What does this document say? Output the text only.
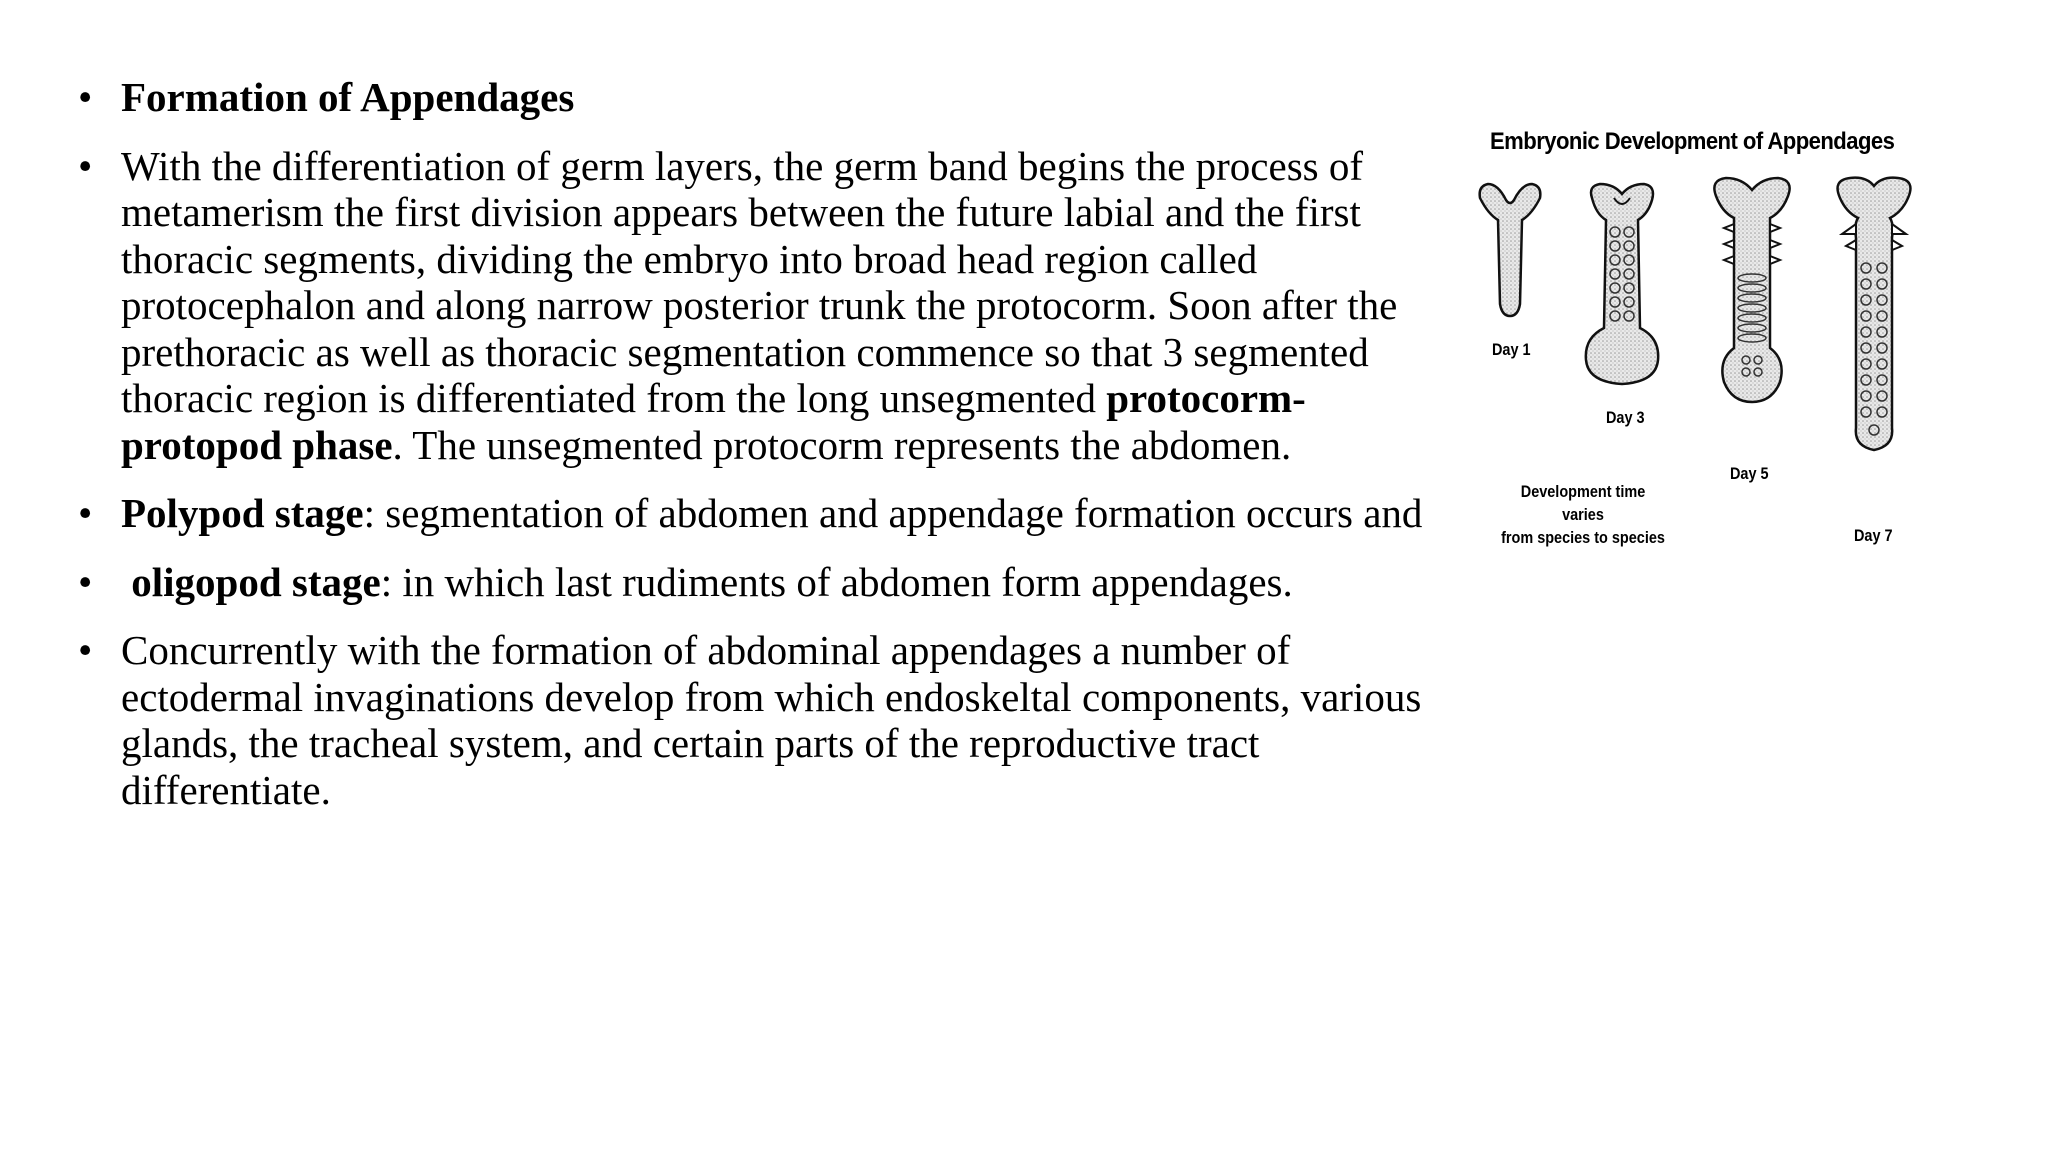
• Formation of Appendages
• With the differentiation of germ layers, the germ band begins the process of metamerism the first division appears between the future labial and the first thoracic segments, dividing the embryo into broad head region called protocephalon and along narrow posterior trunk the protocorm. Soon after the prethoracic as well as thoracic segmentation commence so that 3 segmented thoracic region is differentiated from the long unsegmented protocorm- protopod phase. The unsegmented protocorm represents the abdomen.
• Polypod stage: segmentation of abdomen and appendage formation occurs and
• oligopod stage: in which last rudiments of abdomen form appendages.
• Concurrently with the formation of abdominal appendages a number of ectodermal invaginations develop from which endoskeltal components, various glands, the tracheal system, and certain parts of the reproductive tract differentiate.
Embryonic Development of Appendages
Day 1
Day 3
Day 5
Day 7
Development time varies
from species to species
